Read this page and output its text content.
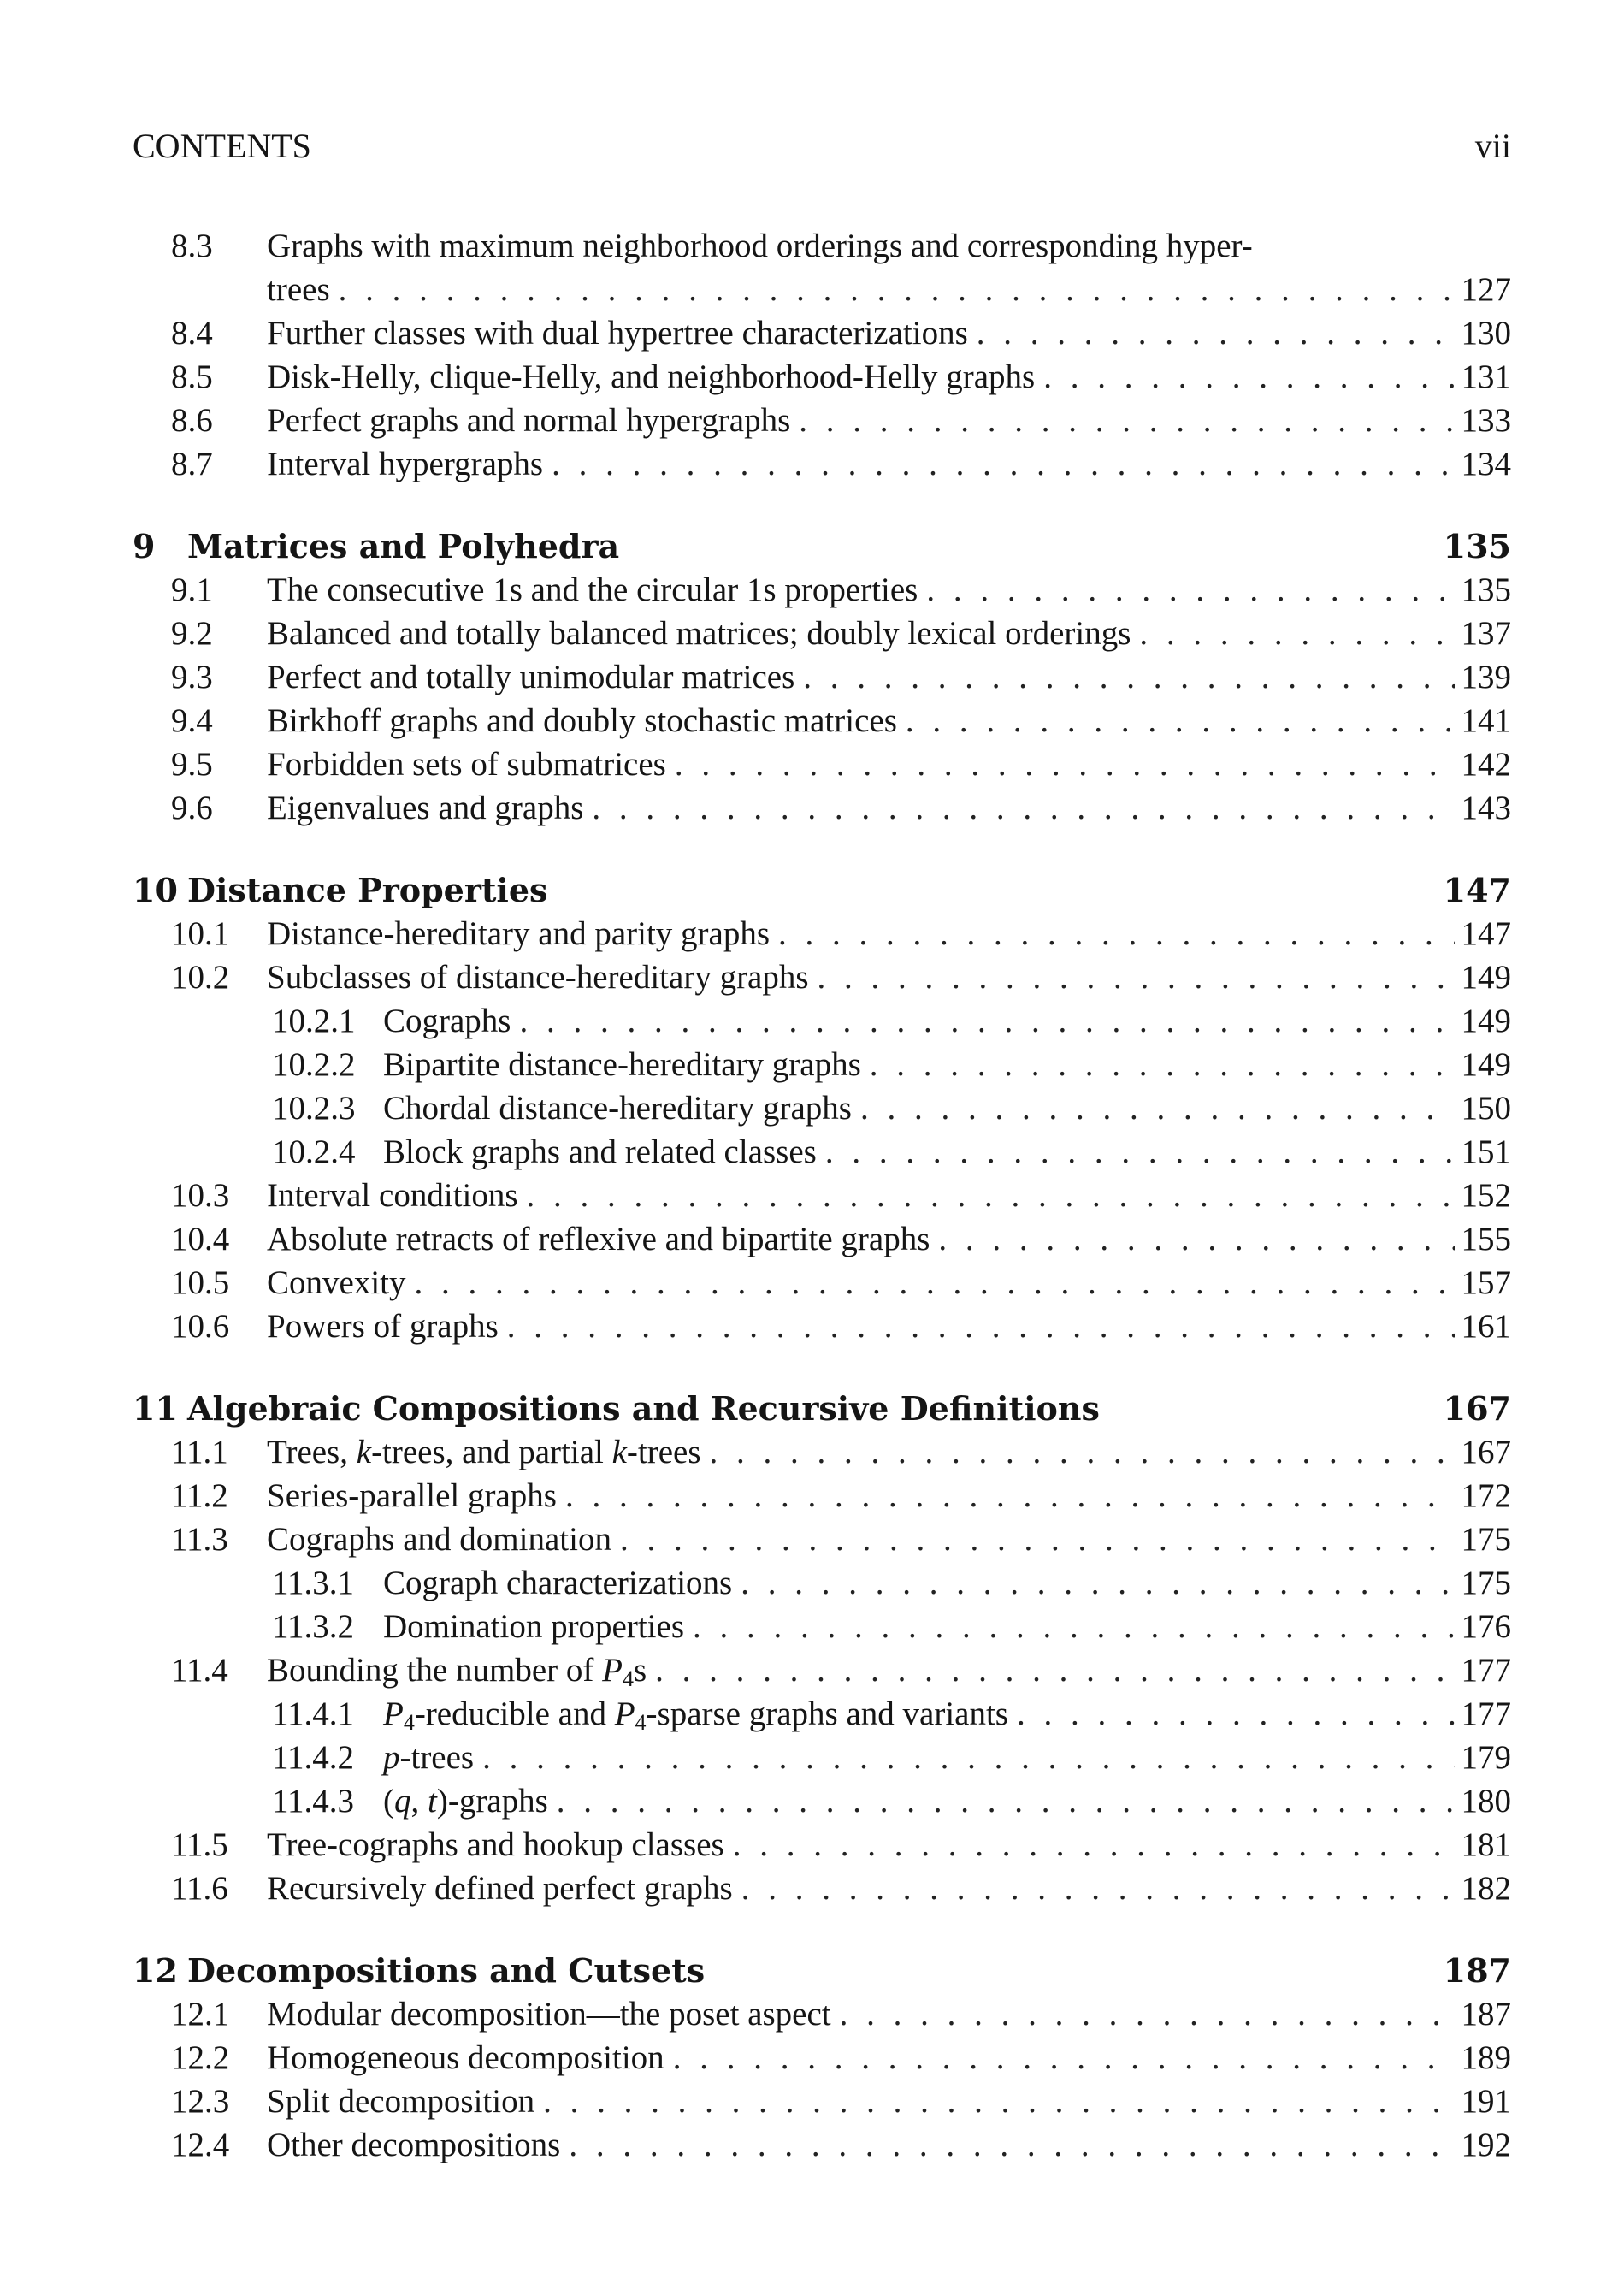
CONTENTS	vii
8.3 Graphs with maximum neighborhood orderings and corresponding hyper-
trees . . .	127
8.4 Further classes with dual hypertree characterizations . . .	130
8.5 Disk-Helly, clique-Helly, and neighborhood-Helly graphs . . .	131
8.6 Perfect graphs and normal hypergraphs . . .	133
8.7 Interval hypergraphs . . .	134
9 Matrices and Polyhedra	135
9.1 The consecutive 1s and the circular 1s properties . . .	135
9.2 Balanced and totally balanced matrices; doubly lexical orderings . . .	137
9.3 Perfect and totally unimodular matrices . . .	139
9.4 Birkhoff graphs and doubly stochastic matrices . . .	141
9.5 Forbidden sets of submatrices . . .	142
9.6 Eigenvalues and graphs . . .	143
10 Distance Properties	147
10.1 Distance-hereditary and parity graphs . . .	147
10.2 Subclasses of distance-hereditary graphs . . .	149
10.2.1 Cographs . . .	149
10.2.2 Bipartite distance-hereditary graphs . . .	149
10.2.3 Chordal distance-hereditary graphs . . .	150
10.2.4 Block graphs and related classes . . .	151
10.3 Interval conditions . . .	152
10.4 Absolute retracts of reflexive and bipartite graphs . . .	155
10.5 Convexity . . .	157
10.6 Powers of graphs . . .	161
11 Algebraic Compositions and Recursive Definitions	167
11.1 Trees, k-trees, and partial k-trees . . .	167
11.2 Series-parallel graphs . . .	172
11.3 Cographs and domination . . .	175
11.3.1 Cograph characterizations . . .	175
11.3.2 Domination properties . . .	176
11.4 Bounding the number of $P_4s$ . . .	177
11.4.1 $P_4$-reducible and $P_4$-sparse graphs and variants . . .	177
11.4.2 p-trees . . .	179
11.4.3 (q, t)-graphs . . .	180
11.5 Tree-cographs and hookup classes . . .	181
11.6 Recursively defined perfect graphs . . .	182
12 Decompositions and Cutsets	187
12.1 Modular decomposition—the poset aspect . . .	187
12.2 Homogeneous decomposition . . .	189
12.3 Split decomposition . . .	191
12.4 Other decompositions . . .	192
